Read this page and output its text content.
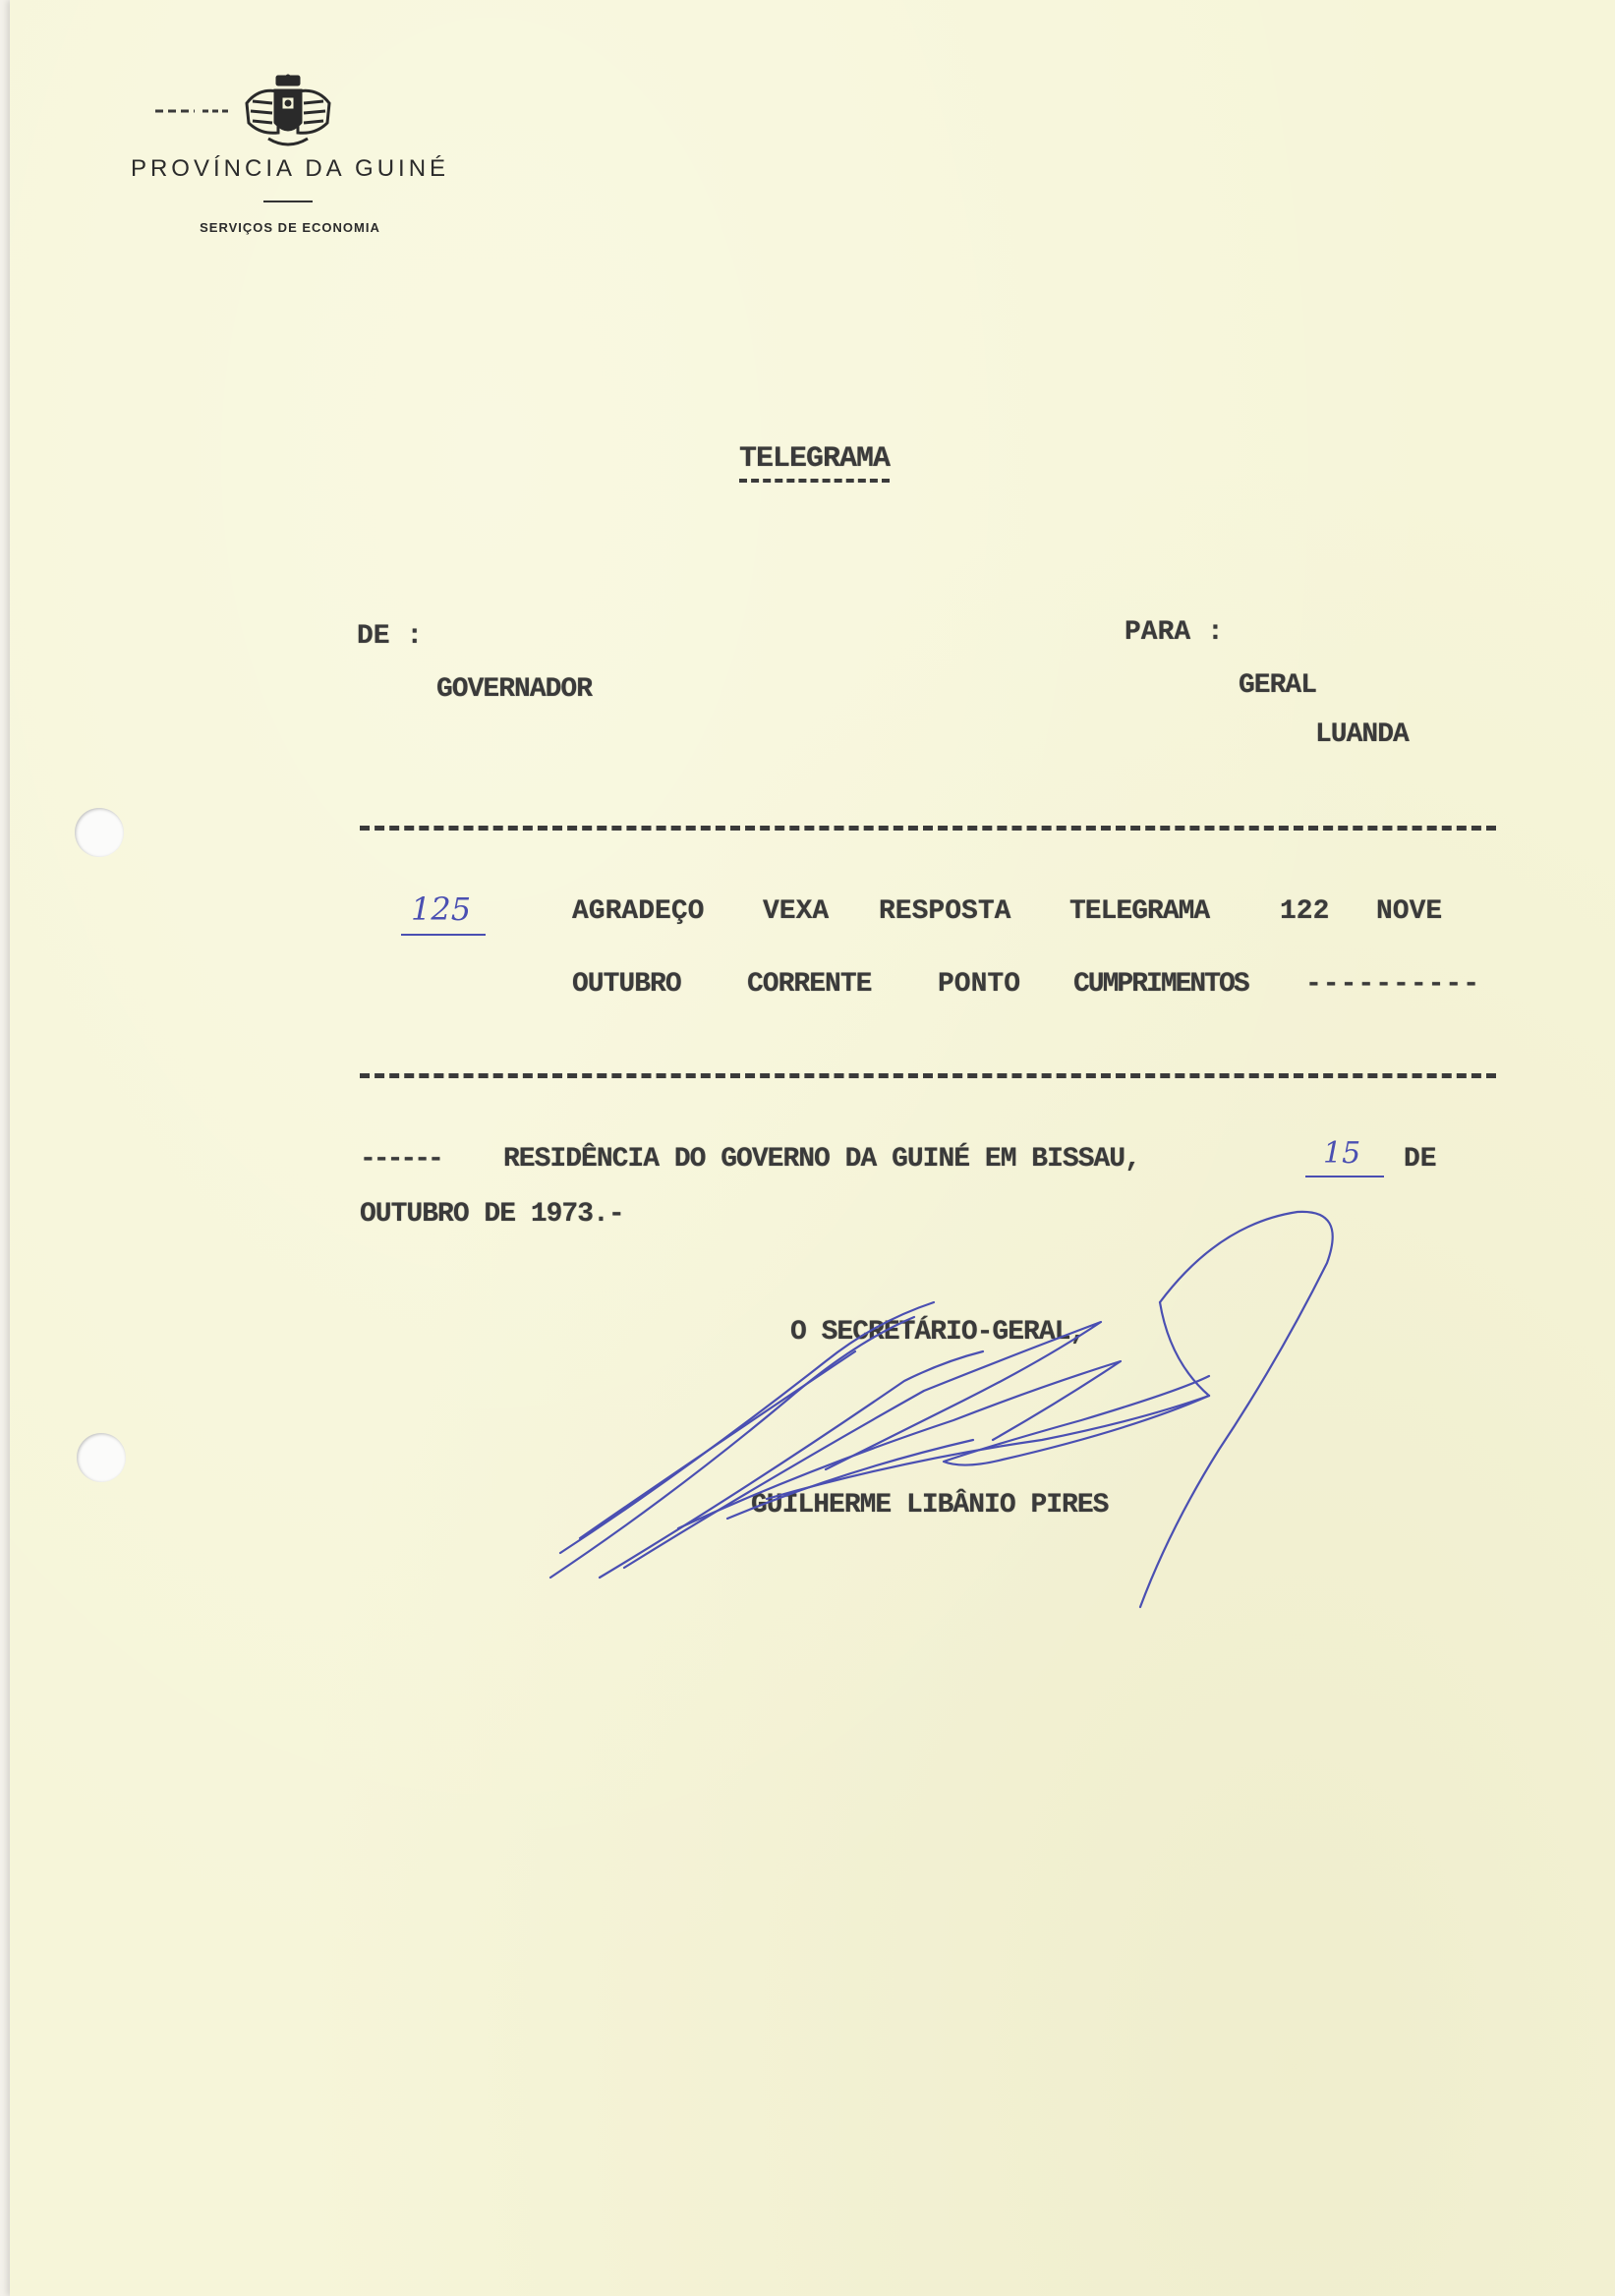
PROVÍNCIA DA GUINÉ
SERVIÇOS DE ECONOMIA
TELEGRAMA
DE :
GOVERNADOR
PARA :
GERAL
LUANDA
125	AGRADEÇO VEXA RESPOSTA TELEGRAMA	122 NOVE
OUTUBRO CORRENTE PONTO CUMPRIMENTOS ----------
------ RESIDÊNCIA DO GOVERNO DA GUINÉ EM BISSAU,	15 DE
OUTUBRO DE 1973.-
O SECRETÁRIO-GERAL,
GUILHERME LIBÂNIO PIRES
